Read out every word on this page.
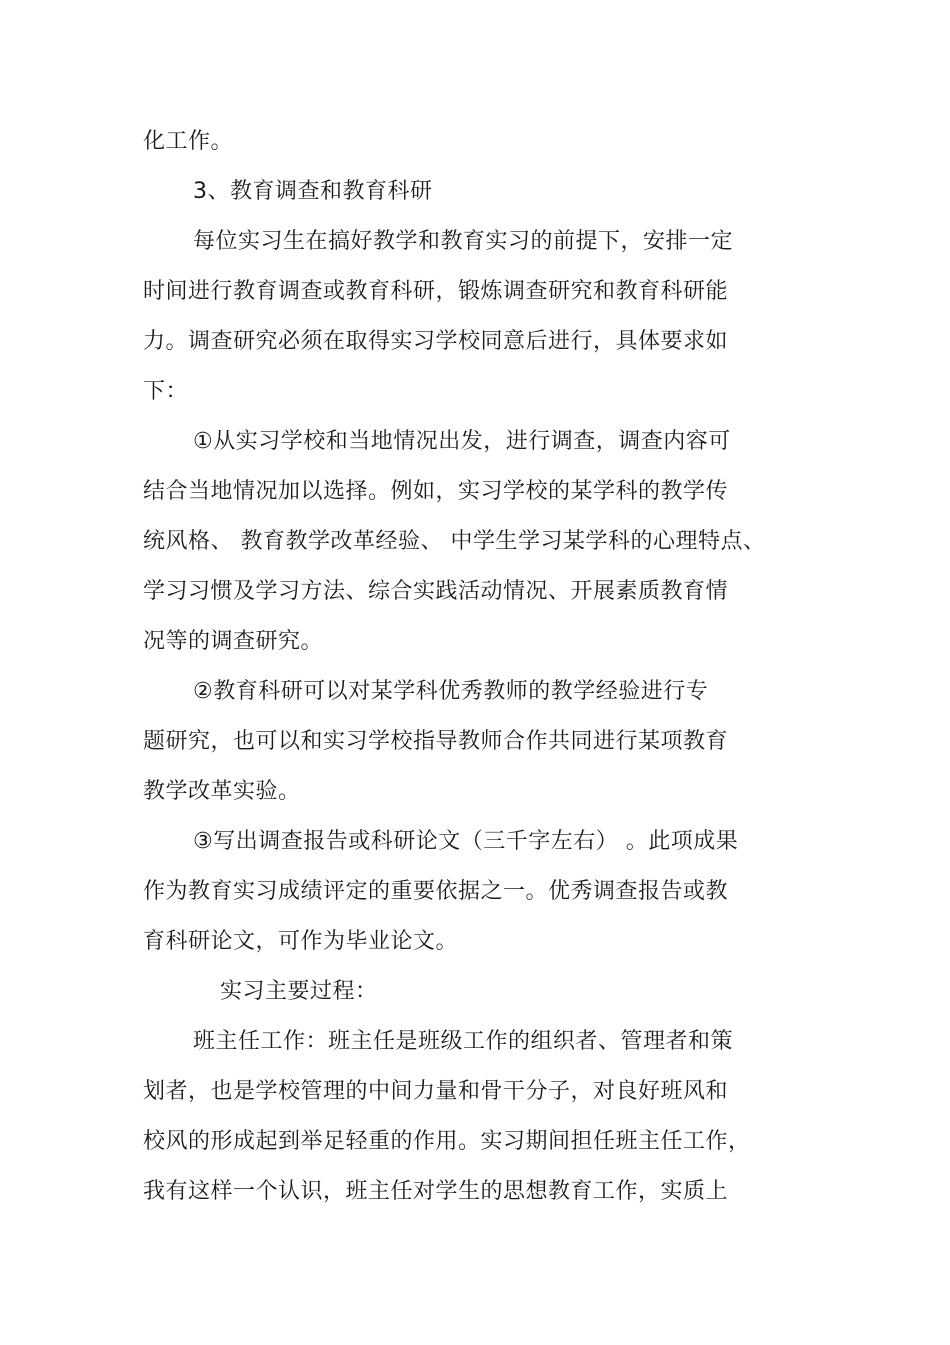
化工作。
3、教育调查和教育科研
每位实习生在搞好教学和教育实习的前提下，安排一定
时间进行教育调查或教育科研，锻炼调查研究和教育科研能
力。调查研究必须在取得实习学校同意后进行，具体要求如
下：
①从实习学校和当地情况出发，进行调查，调查内容可
结合当地情况加以选择。例如，实习学校的某学科的教学传
统风格、 教育教学改革经验、 中学生学习某学科的心理特点、
学习习惯及学习方法、综合实践活动情况、开展素质教育情
况等的调查研究。
②教育科研可以对某学科优秀教师的教学经验进行专
题研究，也可以和实习学校指导教师合作共同进行某项教育
教学改革实验。
③写出调查报告或科研论文（三千字左右） 。此项成果
作为教育实习成绩评定的重要依据之一。优秀调查报告或教
育科研论文，可作为毕业论文。
实习主要过程：
班主任工作：班主任是班级工作的组织者、管理者和策
划者，也是学校管理的中间力量和骨干分子，对良好班风和
校风的形成起到举足轻重的作用。实习期间担任班主任工作，
我有这样一个认识，班主任对学生的思想教育工作，实质上
